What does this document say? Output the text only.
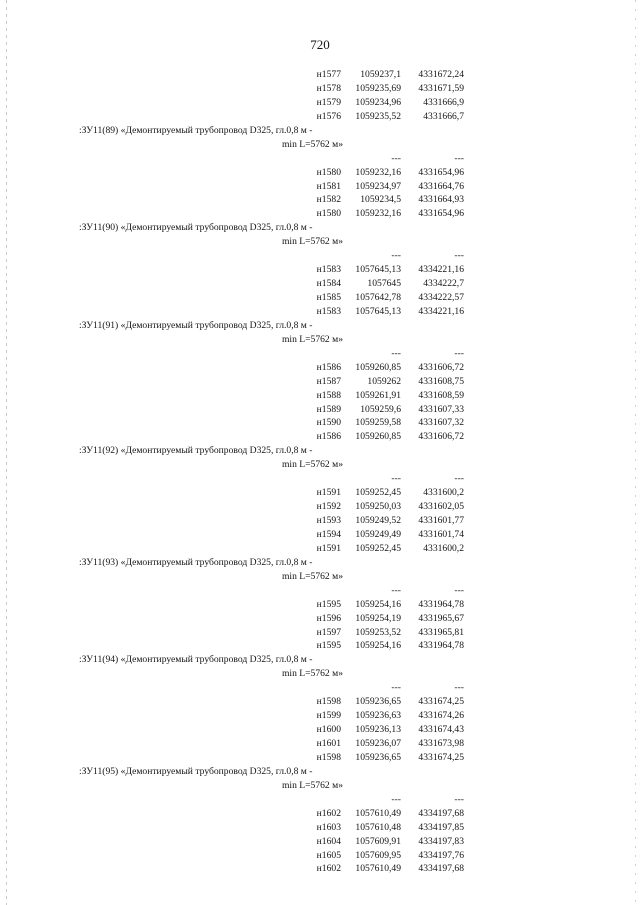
720
н1577 1059237,1 4331672,24
н1578 1059235,69 4331671,59
н1579 1059234,96 4331666,9
н1576 1059235,52 4331666,7
:ЗУ11(89) «Демонтируемый трубопровод D325, гл.0,8 м -
min L=5762 м»
---	---
н1580 1059232,16 4331654,96
н1581 1059234,97 4331664,76
н1582 1059234,5 4331664,93
н1580 1059232,16 4331654,96
:ЗУ11(90) «Демонтируемый трубопровод D325, гл.0,8 м -
min L=5762 м»
---	---
н1583 1057645,13 4334221,16
н1584	1057645 4334222,7
н1585 1057642,78 4334222,57
н1583 1057645,13 4334221,16
:ЗУ11(91) «Демонтируемый трубопровод D325, гл.0,8 м -
min L=5762 м»
---	---
н1586 1059260,85 4331606,72
н1587	1059262 4331608,75
н1588 1059261,91 4331608,59
н1589 1059259,6 4331607,33
н1590 1059259,58 4331607,32
н1586 1059260,85 4331606,72
:ЗУ11(92) «Демонтируемый трубопровод D325, гл.0,8 м -
min L=5762 м»
---	---
н1591 1059252,45 4331600,2
н1592 1059250,03 4331602,05
н1593 1059249,52 4331601,77
н1594 1059249,49 4331601,74
н1591 1059252,45 4331600,2
:ЗУ11(93) «Демонтируемый трубопровод D325, гл.0,8 м -
min L=5762 м»
---	---
н1595 1059254,16 4331964,78
н1596 1059254,19 4331965,67
н1597 1059253,52 4331965,81
н1595 1059254,16 4331964,78
:ЗУ11(94) «Демонтируемый трубопровод D325, гл.0,8 м -
min L=5762 м»
---	---
н1598 1059236,65 4331674,25
н1599 1059236,63 4331674,26
н1600 1059236,13 4331674,43
н1601 1059236,07 4331673,98
н1598 1059236,65 4331674,25
:ЗУ11(95) «Демонтируемый трубопровод D325, гл.0,8 м -
min L=5762 м»
---	---
н1602 1057610,49 4334197,68
н1603 1057610,48 4334197,85
н1604 1057609,91 4334197,83
н1605 1057609,95 4334197,76
н1602 1057610,49 4334197,68
